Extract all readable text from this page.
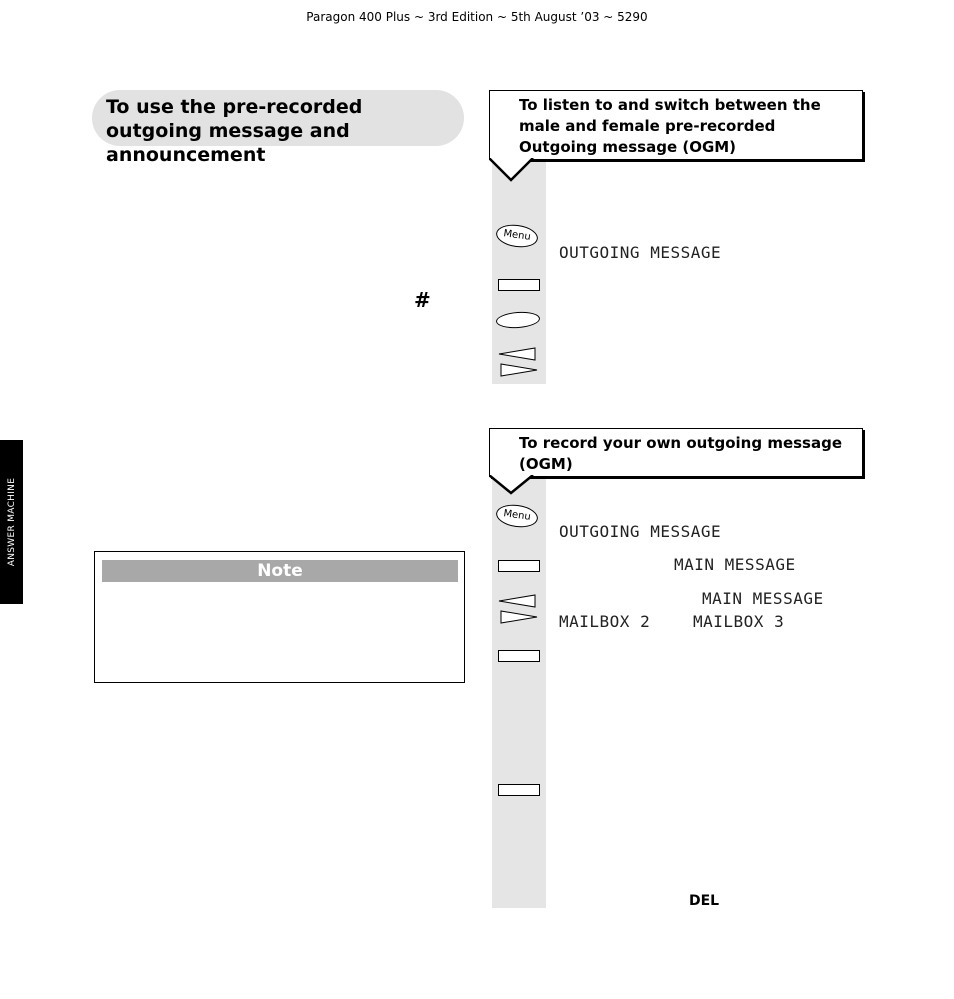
Paragon 400 Plus ~ 3rd Edition ~ 5th August ’03 ~ 5290
To use the pre-recorded outgoing message and announcement
#
ANSWER MACHINE
Note
To listen to and switch between the male and female pre-recorded Outgoing message (OGM)
Menu
OUTGOING MESSAGE
To record your own outgoing message (OGM)
Menu
OUTGOING MESSAGE
MAIN MESSAGE
MAIN MESSAGE
MAILBOX 2	MAILBOX 3
DEL
